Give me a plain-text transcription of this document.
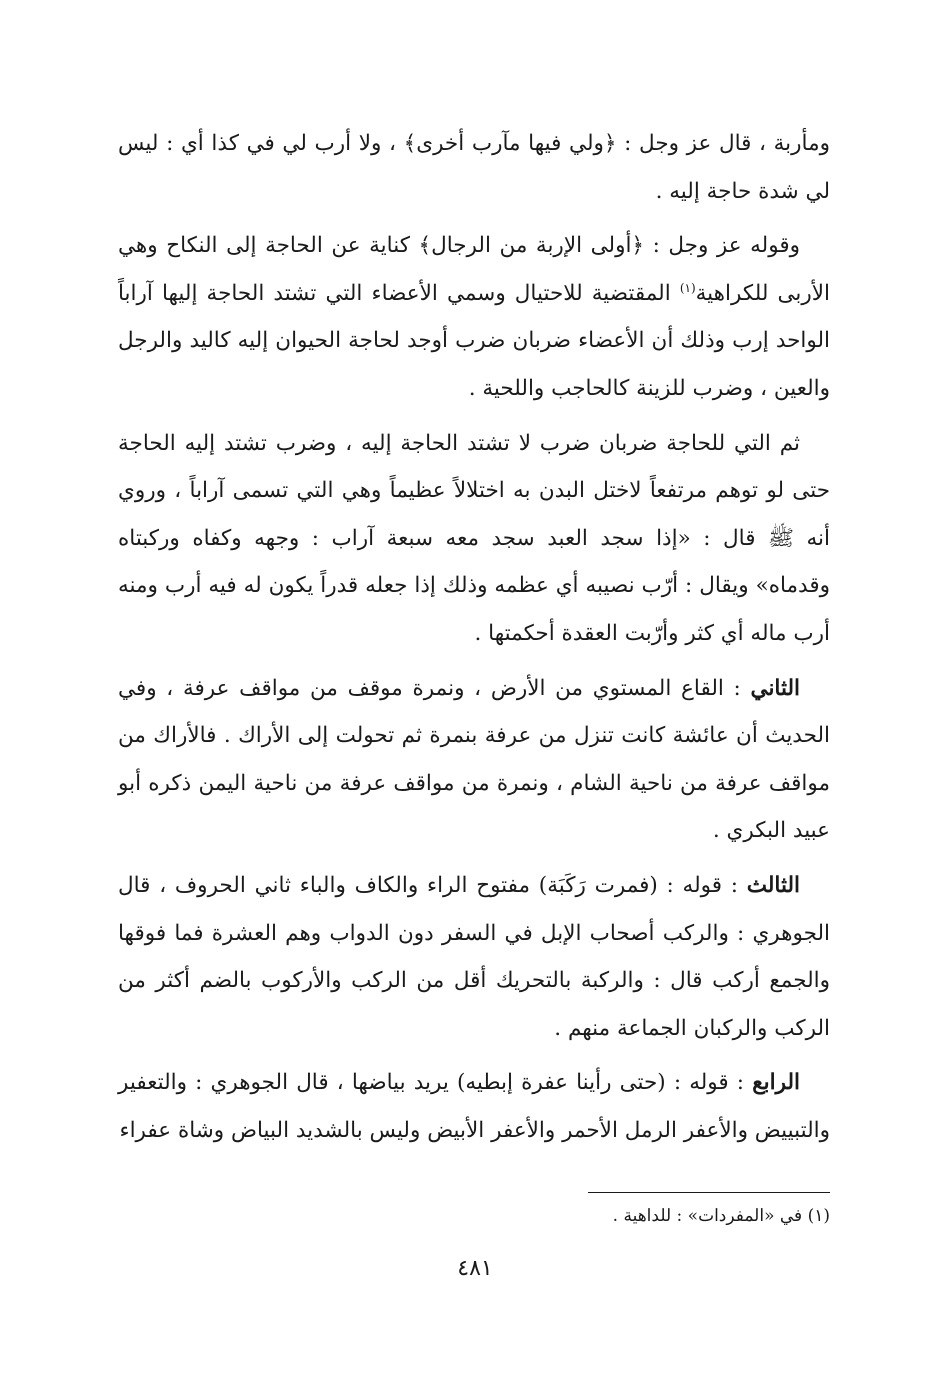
ومأربة ، قال عز وجل : ﴿ولي فيها مآرب أخرى﴾ ، ولا أرب لي في كذا أي : ليس لي شدة حاجة إليه .

وقوله عز وجل : ﴿أولى الإربة من الرجال﴾ كناية عن الحاجة إلى النكاح وهي الأربى للكراهية$^{(١)}$ المقتضية للاحتيال وسمي الأعضاء التي تشتد الحاجة إليها آراباً الواحد إرب وذلك أن الأعضاء ضربان ضرب أوجد لحاجة الحيوان إليه كاليد والرجل والعين ، وضرب للزينة كالحاجب واللحية .

ثم التي للحاجة ضربان ضرب لا تشتد الحاجة إليه ، وضرب تشتد إليه الحاجة حتى لو توهم مرتفعاً لاختل البدن به اختلالاً عظيماً وهي التي تسمى آراباً ، وروي أنه ﷺ قال : «إذا سجد العبد سجد معه سبعة آراب : وجهه وكفاه وركبتاه وقدماه» ويقال : أرّب نصيبه أي عظمه وذلك إذا جعله قدراً يكون له فيه أرب ومنه أرب ماله أي كثر وأرّبت العقدة أحكمتها .

الثاني : القاع المستوي من الأرض ، ونمرة موقف من مواقف عرفة ، وفي الحديث أن عائشة كانت تنزل من عرفة بنمرة ثم تحولت إلى الأراك . فالأراك من مواقف عرفة من ناحية الشام ، ونمرة من مواقف عرفة من ناحية اليمن ذكره أبو عبيد البكري .

الثالث : قوله : (فمرت رَكَبَة) مفتوح الراء والكاف والباء ثاني الحروف ، قال الجوهري : والركب أصحاب الإبل في السفر دون الدواب وهم العشرة فما فوقها والجمع أركب قال : والركبة بالتحريك أقل من الركب والأركوب بالضم أكثر من الركب والركبان الجماعة منهم .

الرابع : قوله : (حتى رأينا عفرة إبطيه) يريد بياضها ، قال الجوهري : والتعفير والتبييض والأعفر الرمل الأحمر والأعفر الأبيض وليس بالشديد البياض وشاة عفراء

(١) في «المفردات» : للداهية .
٤٨١
